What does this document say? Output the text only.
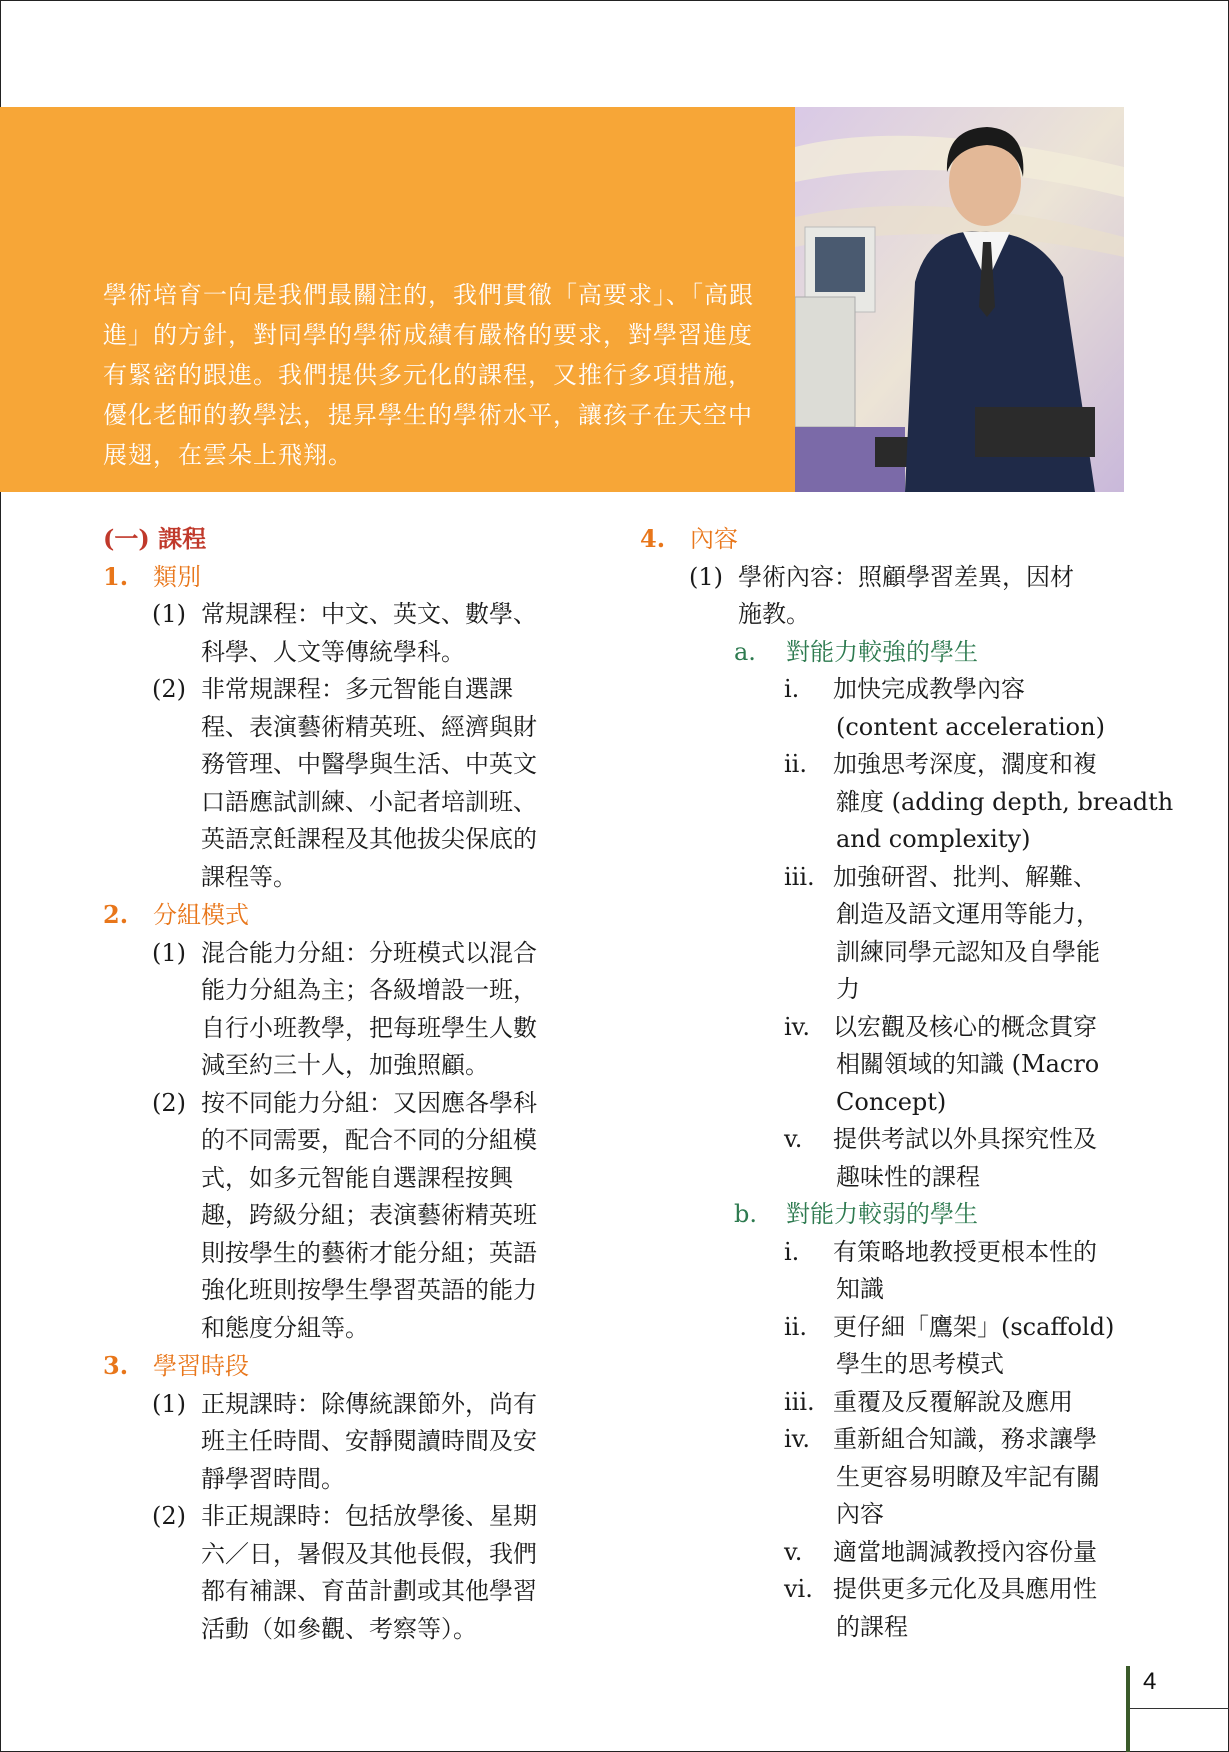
學術培育一向是我們最關注的，我們貫徹「高要求」、「高跟進」的方針，對同學的學術成績有嚴格的要求，對學習進度有緊密的跟進。我們提供多元化的課程，又推行多項措施，優化老師的教學法，提昇學生的學術水平，讓孩子在天空中展翅，在雲朵上飛翔。

(一) 課程
1. 類別
(1) 常規課程：中文、英文、數學、
科學、人文等傳統學科。
(2) 非常規課程：多元智能自選課
程、表演藝術精英班、經濟與財
務管理、中醫學與生活、中英文
口語應試訓練、小記者培訓班、
英語烹飪課程及其他拔尖保底的
課程等。
2. 分組模式
(1) 混合能力分組：分班模式以混合
能力分組為主；各級增設一班，
自行小班教學，把每班學生人數
減至約三十人，加強照顧。
(2) 按不同能力分組：又因應各學科
的不同需要，配合不同的分組模
式，如多元智能自選課程按興
趣，跨級分組；表演藝術精英班
則按學生的藝術才能分組；英語
強化班則按學生學習英語的能力
和態度分組等。
3. 學習時段
(1) 正規課時：除傳統課節外，尚有
班主任時間、安靜閱讀時間及安
靜學習時間。
(2) 非正規課時：包括放學後、星期
六／日，暑假及其他長假，我們
都有補課、育苗計劃或其他學習
活動（如參觀、考察等）。
4. 內容
(1) 學術內容：照顧學習差異，因材
施教。
a. 對能力較強的學生
i. 加快完成教學內容
(content acceleration)
ii. 加強思考深度，濶度和複
雜度 (adding depth, breadth
and complexity)
iii. 加強研習、批判、解難、
創造及語文運用等能力，
訓練同學元認知及自學能
力
iv. 以宏觀及核心的概念貫穿
相關領域的知識 (Macro
Concept)
v. 提供考試以外具探究性及
趣味性的課程
b. 對能力較弱的學生
i. 有策略地教授更根本性的
知識
ii. 更仔細「鷹架」(scaffold)
學生的思考模式
iii. 重覆及反覆解說及應用
iv. 重新組合知識，務求讓學
生更容易明瞭及牢記有關
內容
v. 適當地調減教授內容份量
vi. 提供更多元化及具應用性
的課程
4
